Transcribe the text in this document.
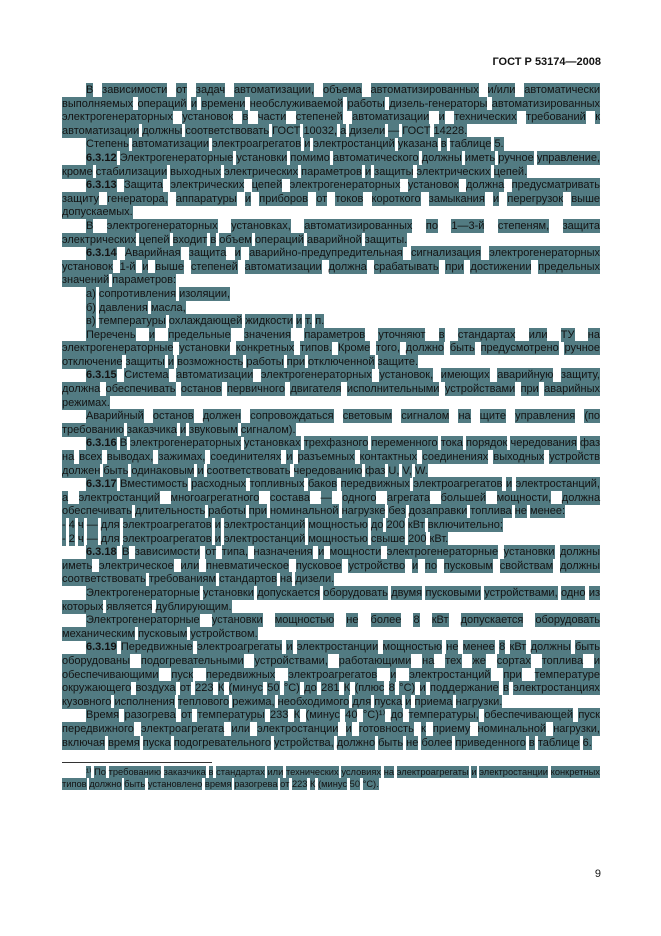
ГОСТ Р 53174—2008

В зависимости от задач автоматизации, объема автоматизированных и/или автоматически выполняемых операций и времени необслуживаемой работы дизель-генераторы автоматизированных электрогенераторных установок в части степеней автоматизации и технических требований к автоматизации должны соответствовать ГОСТ 10032, а дизели — ГОСТ 14228.

Степень автоматизации электроагрегатов и электростанций указана в таблице 5.

6.3.12 Электрогенераторные установки помимо автоматического должны иметь ручное управление, кроме стабилизации выходных электрических параметров и защиты электрических цепей.

6.3.13 Защита электрических цепей электрогенераторных установок должна предусматривать защиту генератора, аппаратуры и приборов от токов короткого замыкания и перегрузок выше допускаемых.

В электрогенераторных установках, автоматизированных по 1—3-й степеням, защита электрических цепей входит в объем операций аварийной защиты.

6.3.14 Аварийная защита и аварийно-предупредительная сигнализация электрогенераторных установок 1-й и выше степеней автоматизации должна срабатывать при достижении предельных значений параметров:

а) сопротивления изоляции,

б) давления масла,

в) температуры охлаждающей жидкости и т. п.

Перечень и предельные значения параметров уточняют в стандартах или ТУ на электрогенераторные установки конкретных типов. Кроме того, должно быть предусмотрено ручное отключение защиты и возможность работы при отключенной защите.

6.3.15 Система автоматизации электрогенераторных установок, имеющих аварийную защиту, должна обеспечивать останов первичного двигателя исполнительными устройствами при аварийных режимах.

Аварийный останов должен сопровождаться световым сигналом на щите управления (по требованию заказчика и звуковым сигналом).

6.3.16 В электрогенераторных установках трехфазного переменного тока порядок чередования фаз на всех выводах, зажимах, соединителях и разъемных контактных соединениях выходных устройств должен быть одинаковым и соответствовать чередованию фаз U, V, W.

6.3.17 Вместимость расходных топливных баков передвижных электроагрегатов и электростанций, а электростанций многоагрегатного состава — одного агрегата большей мощности, должна обеспечивать длительность работы при номинальной нагрузке без дозаправки топлива не менее:

- 4 ч — для электроагрегатов и электростанций мощностью до 200 кВт включительно;

- 2 ч — для электроагрегатов и электростанций мощностью свыше 200 кВт.

6.3.18 В зависимости от типа, назначения и мощности электрогенераторные установки должны иметь электрическое или пневматическое пусковое устройство и по пусковым свойствам должны соответствовать требованиям стандартов на дизели.

Электрогенераторные установки допускается оборудовать двумя пусковыми устройствами, одно из которых является дублирующим.

Электрогенераторные установки мощностью не более 8 кВт допускается оборудовать механическим пусковым устройством.

6.3.19 Передвижные электроагрегаты и электростанции мощностью не менее 8 кВт должны быть оборудованы подогревательными устройствами, работающими на тех же сортах топлива и обеспечивающими пуск передвижных электроагрегатов и электростанций при температуре окружающего воздуха от 223 К (минус 50 °С) до 281 К (плюс 8 °С) и поддержание в электростанциях кузовного исполнения теплового режима, необходимого для пуска и приема нагрузки.

Время разогрева от температуры 233 К (минус 40 °С)¹⁾ до температуры, обеспечивающей пуск передвижного электроагрегата или электростанции и готовность к приему номинальной нагрузки, включая время пуска подогревательного устройства, должно быть не более приведенного в таблице 6.

¹⁾ По требованию заказчика в стандартах или технических условиях на электроагрегаты и электростанции конкретных типов должно быть установлено время разогрева от 223 К (минус 50 °С).

9
